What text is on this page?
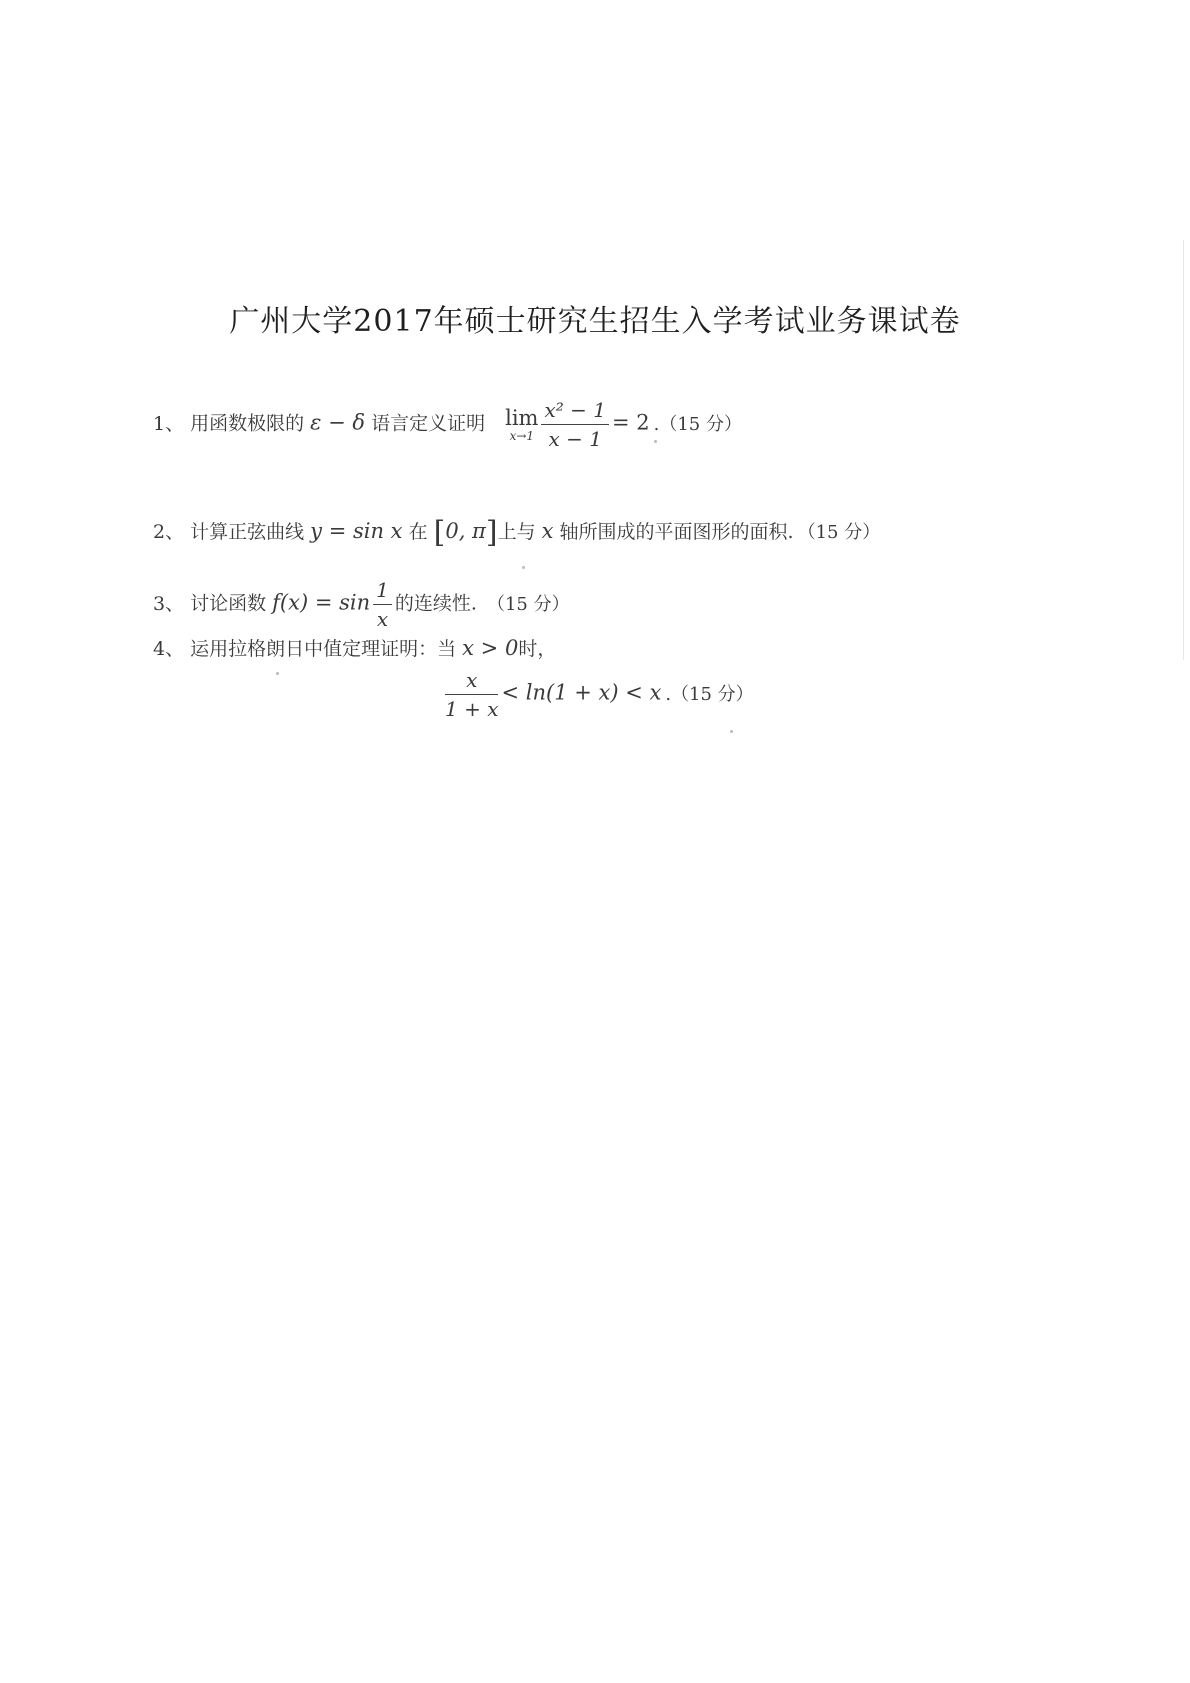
广州大学2017年硕士研究生招生入学考试业务课试卷
1、 用函数极限的 ε − δ 语言定义证明 lim
$x\to 1 \frac{\text{x² − 1}}{x - 1} = 2$ .（15 分）
2、 计算正弦曲线 y = sin x 在 [0, π]上与 x 轴所围成的平面图形的面积. （15 分）
3、 讨论函数 $f(x) = \sin \frac{1}{x}$ 的连续性. （15 分）
4、 运用拉格朗日中值定理证明：当 x > 0时，
$\frac{x}{1 + x} < \ln(1 + x) < x$ .（15 分）
